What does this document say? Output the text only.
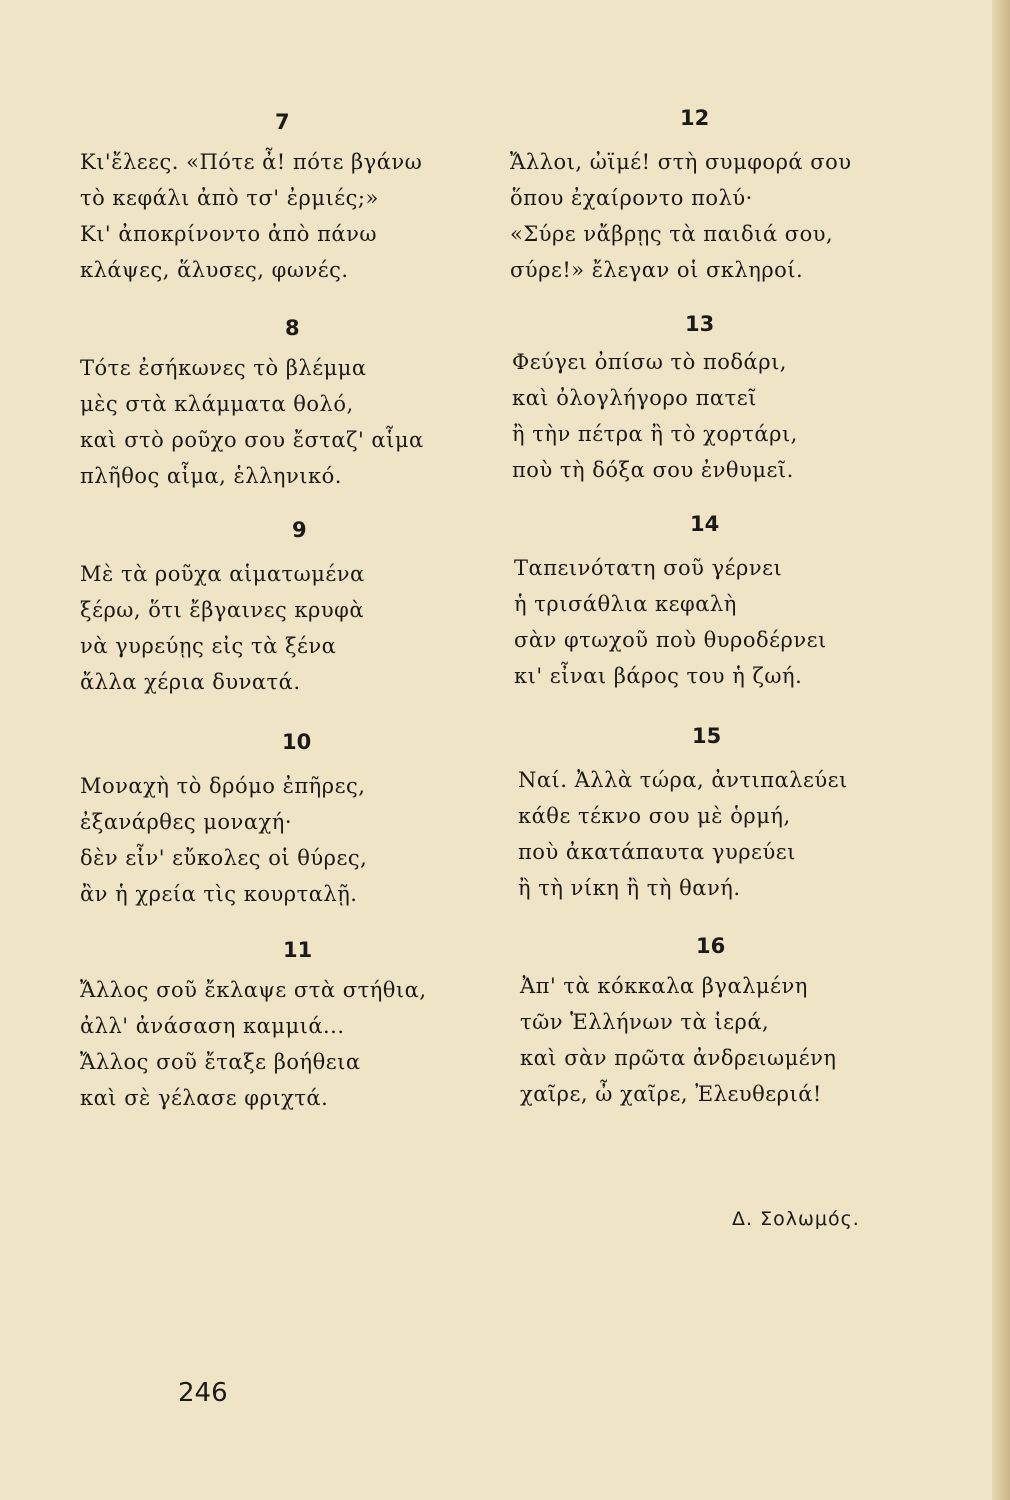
7
Κι'ἔλεες. «Πότε ἆ! πότε βγάνω
τὸ κεφάλι ἀπὸ τσ' ἐρμιές;»
Κι' ἀποκρίνοντο ἀπὸ πάνω
κλάψες, ἅλυσες, φωνές.
8
Τότε ἐσήκωνες τὸ βλέμμα
μὲς στὰ κλάμματα θολό,
καὶ στὸ ροῦχο σου ἔσταζ' αἷμα
πλῆθος αἷμα, ἑλληνικό.
9
Μὲ τὰ ροῦχα αἱματωμένα
ξέρω, ὅτι ἔβγαινες κρυφὰ
νὰ γυρεύῃς εἰς τὰ ξένα
ἄλλα χέρια δυνατά.
10
Μοναχὴ τὸ δρόμο ἐπῆρες,
ἐξανάρθες μοναχή·
δὲν εἶν' εὔκολες οἱ θύρες,
ἂν ἡ χρεία τὶς κουρταλῇ.
11
Ἄλλος σοῦ ἔκλαψε στὰ στήθια,
ἀλλ' ἀνάσαση καμμιά...
Ἄλλος σοῦ ἔταξε βοήθεια
καὶ σὲ γέλασε φριχτά.
12
Ἄλλοι, ὠϊμέ! στὴ συμφορά σου
ὅπου ἐχαίροντο πολύ·
«Σύρε νἄβρῃς τὰ παιδιά σου,
σύρε!» ἔλεγαν οἱ σκληροί.
13
Φεύγει ὀπίσω τὸ ποδάρι,
καὶ ὀλογλήγορο πατεῖ
ἢ τὴν πέτρα ἢ τὸ χορτάρι,
ποὺ τὴ δόξα σου ἐνθυμεῖ.
14
Ταπεινότατη σοῦ γέρνει
ἡ τρισάθλια κεφαλὴ
σὰν φτωχοῦ ποὺ θυροδέρνει
κι' εἶναι βάρος του ἡ ζωή.
15
Ναί. Ἀλλὰ τώρα, ἀντιπαλεύει
κάθε τέκνο σου μὲ ὁρμή,
ποὺ ἀκατάπαυτα γυρεύει
ἢ τὴ νίκη ἢ τὴ θανή.
16
Ἀπ' τὰ κόκκαλα βγαλμένη
τῶν Ἑλλήνων τὰ ἱερά,
καὶ σὰν πρῶτα ἀνδρειωμένη
χαῖρε, ὦ χαῖρε, Ἐλευθεριά!
Δ. Σολωμός.
246
